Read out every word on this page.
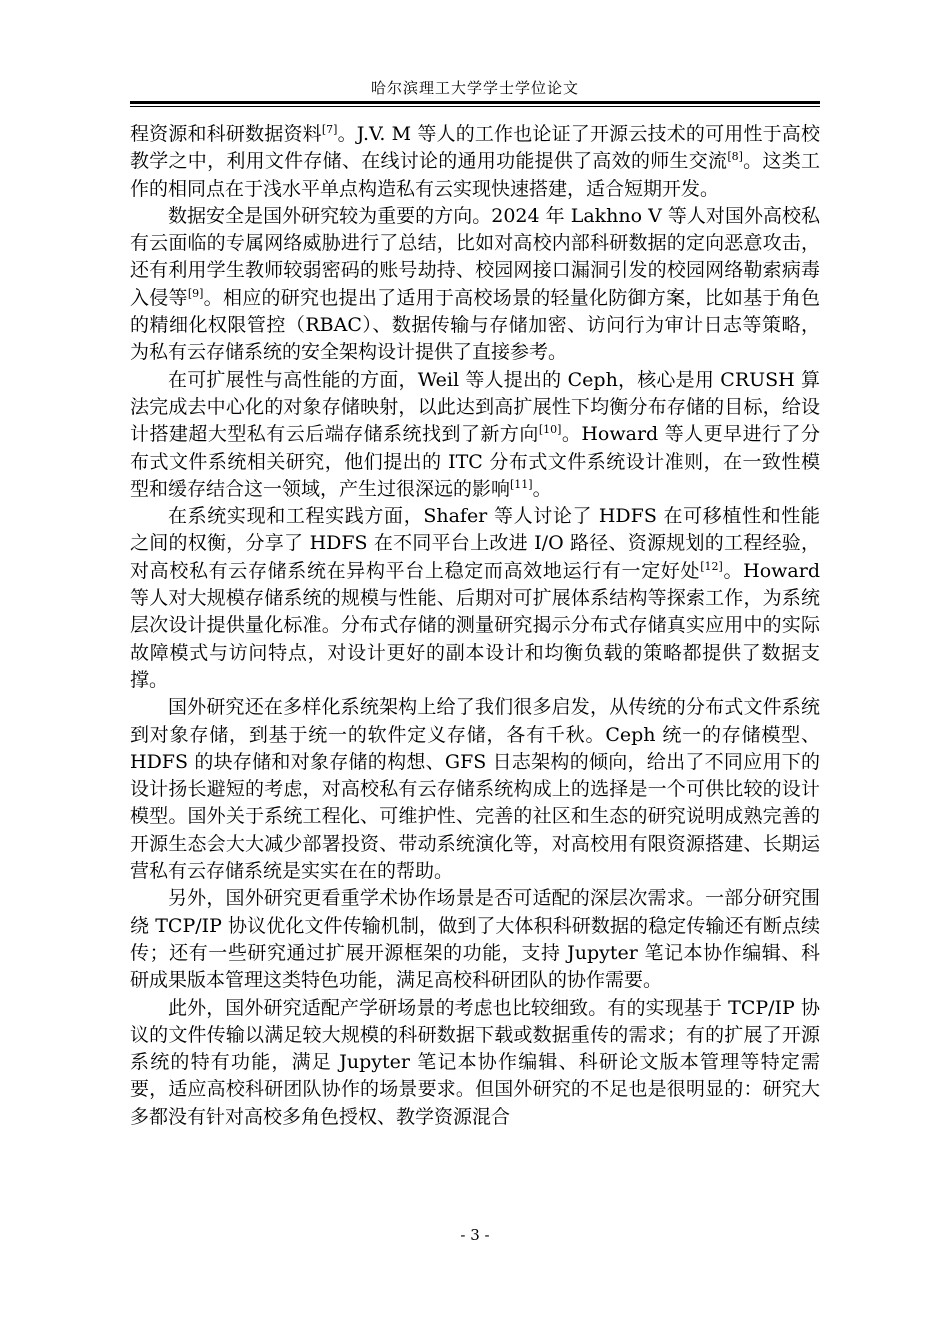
哈尔滨理工大学学士学位论文

程资源和科研数据资料[7]。J.V. M 等人的工作也论证了开源云技术的可用性于高校教学之中，利用文件存储、在线讨论的通用功能提供了高效的师生交流[8]。这类工作的相同点在于浅水平单点构造私有云实现快速搭建，适合短期开发。

数据安全是国外研究较为重要的方向。2024 年 Lakhno V 等人对国外高校私有云面临的专属网络威胁进行了总结，比如对高校内部科研数据的定向恶意攻击，还有利用学生教师较弱密码的账号劫持、校园网接口漏洞引发的校园网络勒索病毒入侵等[9]。相应的研究也提出了适用于高校场景的轻量化防御方案，比如基于角色的精细化权限管控（RBAC）、数据传输与存储加密、访问行为审计日志等策略，为私有云存储系统的安全架构设计提供了直接参考。

在可扩展性与高性能的方面，Weil 等人提出的 Ceph，核心是用 CRUSH 算法完成去中心化的对象存储映射，以此达到高扩展性下均衡分布存储的目标，给设计搭建超大型私有云后端存储系统找到了新方向[10]。Howard 等人更早进行了分布式文件系统相关研究，他们提出的 ITC 分布式文件系统设计准则，在一致性模型和缓存结合这一领域，产生过很深远的影响[11]。

在系统实现和工程实践方面，Shafer 等人讨论了 HDFS 在可移植性和性能之间的权衡，分享了 HDFS 在不同平台上改进 I/O 路径、资源规划的工程经验，对高校私有云存储系统在异构平台上稳定而高效地运行有一定好处[12]。Howard 等人对大规模存储系统的规模与性能、后期对可扩展体系结构等探索工作，为系统层次设计提供量化标准。分布式存储的测量研究揭示分布式存储真实应用中的实际故障模式与访问特点，对设计更好的副本设计和均衡负载的策略都提供了数据支撑。

国外研究还在多样化系统架构上给了我们很多启发，从传统的分布式文件系统到对象存储，到基于统一的软件定义存储，各有千秋。Ceph 统一的存储模型、HDFS 的块存储和对象存储的构想、GFS 日志架构的倾向，给出了不同应用下的设计扬长避短的考虑，对高校私有云存储系统构成上的选择是一个可供比较的设计模型。国外关于系统工程化、可维护性、完善的社区和生态的研究说明成熟完善的开源生态会大大减少部署投资、带动系统演化等，对高校用有限资源搭建、长期运营私有云存储系统是实实在在的帮助。

另外，国外研究更看重学术协作场景是否可适配的深层次需求。一部分研究围绕 TCP/IP 协议优化文件传输机制，做到了大体积科研数据的稳定传输还有断点续传；还有一些研究通过扩展开源框架的功能，支持 Jupyter 笔记本协作编辑、科研成果版本管理这类特色功能，满足高校科研团队的协作需要。

此外，国外研究适配产学研场景的考虑也比较细致。有的实现基于 TCP/IP 协议的文件传输以满足较大规模的科研数据下载或数据重传的需求；有的扩展了开源系统的特有功能，满足 Jupyter 笔记本协作编辑、科研论文版本管理等特定需要，适应高校科研团队协作的场景要求。但国外研究的不足也是很明显的：研究大多都没有针对高校多角色授权、教学资源混合

- 3 -
